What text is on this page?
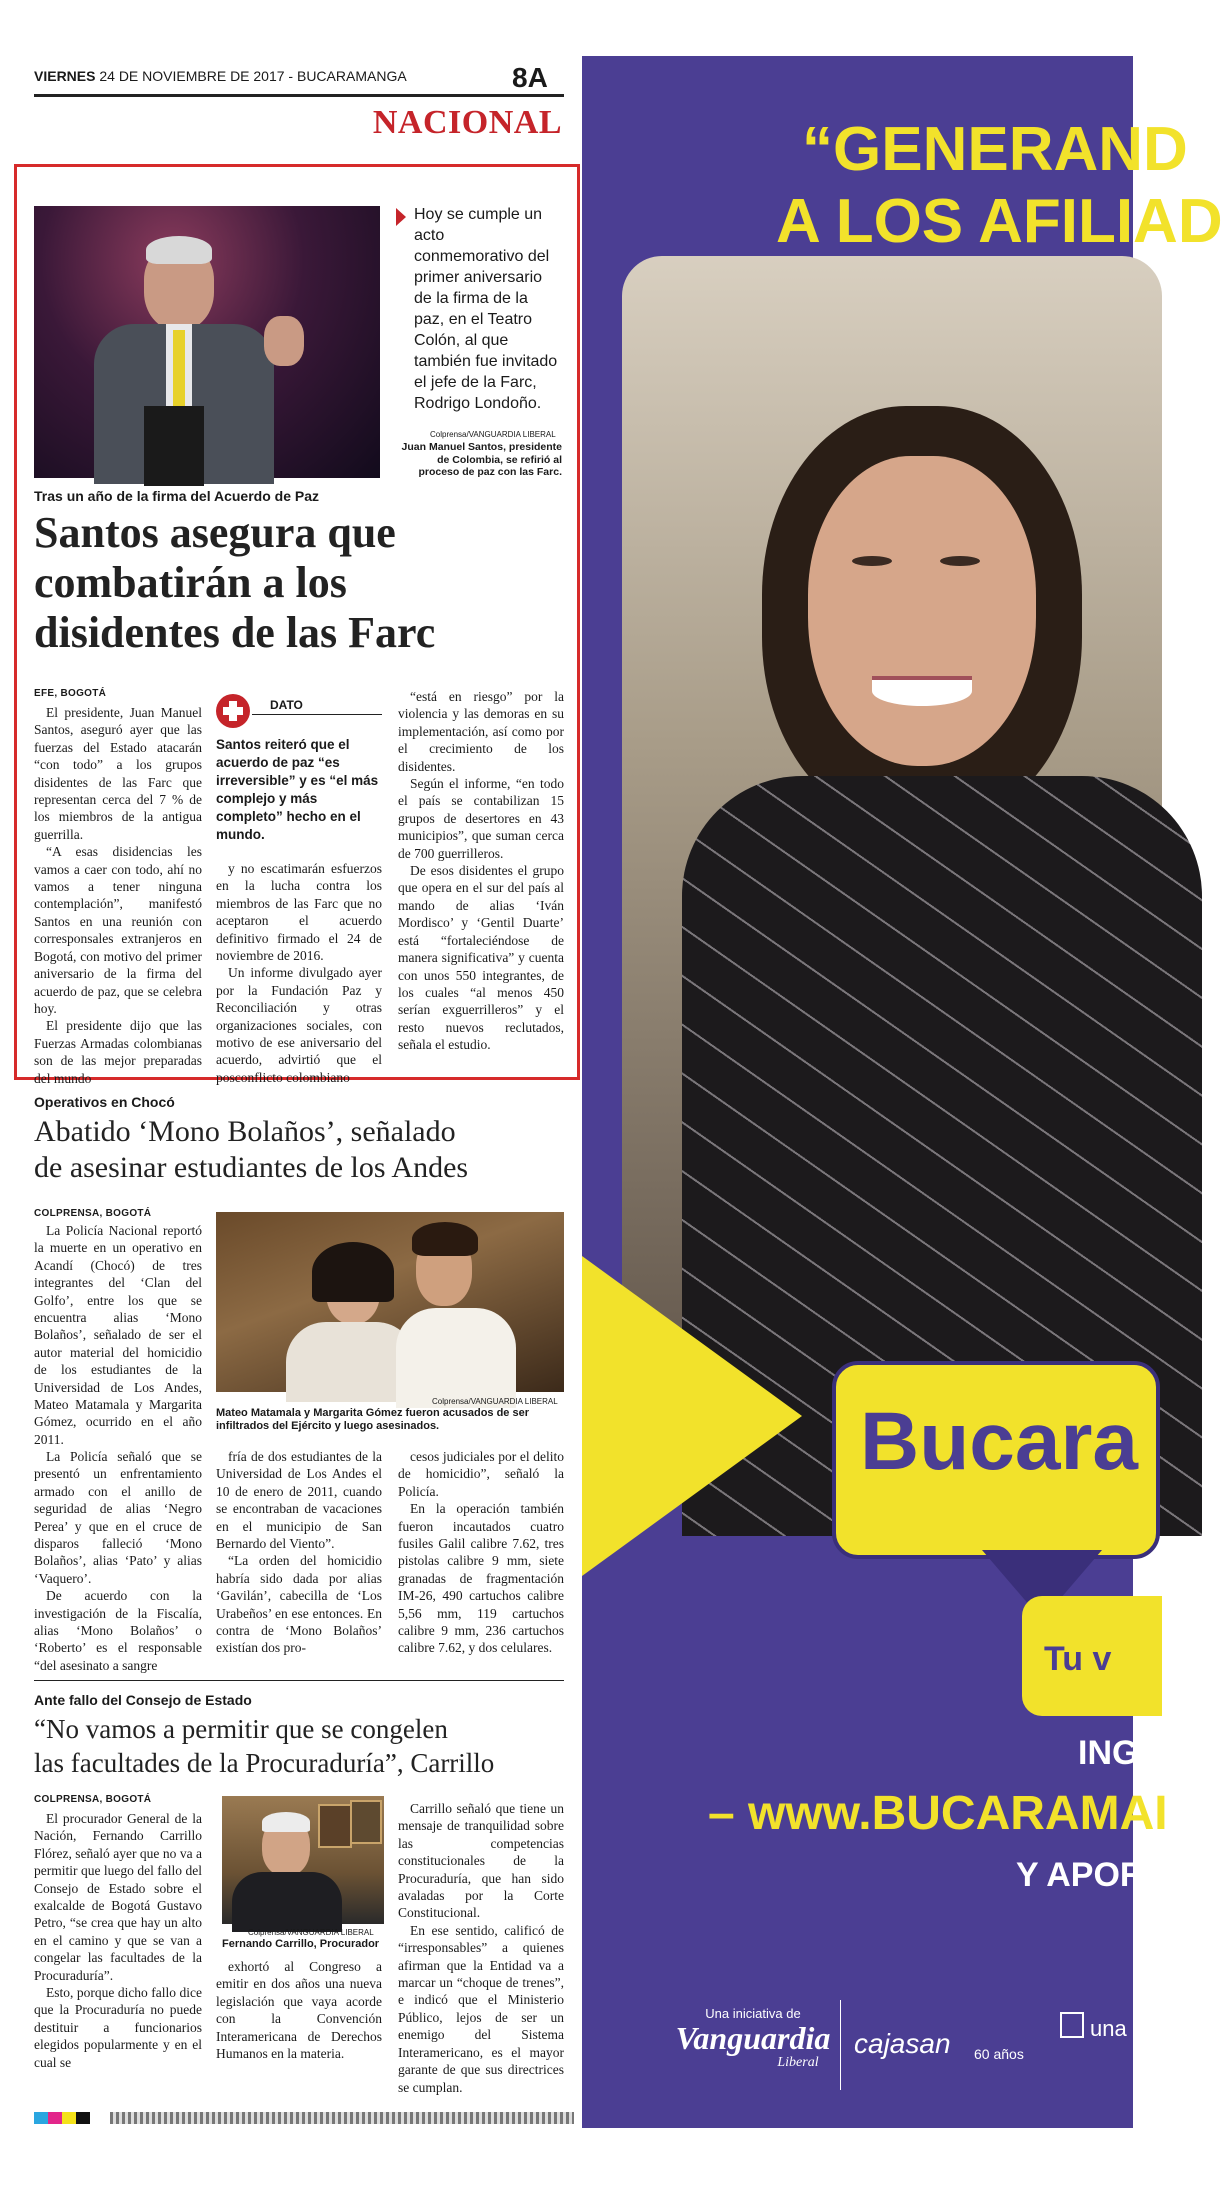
VIERNES 24 DE NOVIEMBRE DE 2017 - BUCARAMANGA	8A
NACIONAL
Hoy se cumple un acto conmemorativo del primer aniversario de la firma de la paz, en el Teatro Colón, al que también fue invitado el jefe de la Farc, Rodrigo Londoño.
Colprensa/VANGUARDIA LIBERAL
Juan Manuel Santos, presidente de Colombia, se refirió al proceso de paz con las Farc.
Tras un año de la firma del Acuerdo de Paz
Santos asegura que
combatirán a los
disidentes de las Farc
EFE, BOGOTÁ

El presidente, Juan Manuel Santos, aseguró ayer que las fuerzas del Estado atacarán “con todo” a los grupos disidentes de las Farc que representan cerca del 7 % de los miembros de la antigua guerrilla.

“A esas disidencias les vamos a caer con todo, ahí no vamos a tener ninguna contemplación”, manifestó Santos en una reunión con corresponsales extranjeros en Bogotá, con motivo del primer aniversario de la firma del acuerdo de paz, que se celebra hoy.

El presidente dijo que las Fuerzas Armadas colombianas son de las mejor preparadas del mundo

DATO
Santos reiteró que el acuerdo de paz “es irreversible” y es “el más complejo y más completo” hecho en el mundo.

y no escatimarán esfuerzos en la lucha contra los miembros de las Farc que no aceptaron el acuerdo definitivo firmado el 24 de noviembre de 2016.

Un informe divulgado ayer por la Fundación Paz y Reconciliación y otras organizaciones sociales, con motivo de ese aniversario del acuerdo, advirtió que el posconflicto colombiano

“está en riesgo” por la violencia y las demoras en su implementación, así como por el crecimiento de los disidentes.

Según el informe, “en todo el país se contabilizan 15 grupos de desertores en 43 municipios”, que suman cerca de 700 guerrilleros.

De esos disidentes el grupo que opera en el sur del país al mando de alias ‘Iván Mordisco’ y ‘Gentil Duarte’ está “fortaleciéndose de manera significativa” y cuenta con unos 550 integrantes, de los cuales “al menos 450 serían exguerrilleros” y el resto nuevos reclutados, señala el estudio.

Operativos en Chocó
Abatido ‘Mono Bolaños’, señalado
de asesinar estudiantes de los Andes
COLPRENSA, BOGOTÁ

La Policía Nacional reportó la muerte en un operativo en Acandí (Chocó) de tres integrantes del ‘Clan del Golfo’, entre los que se encuentra alias ‘Mono Bolaños’, señalado de ser el autor material del homicidio de los estudiantes de la Universidad de Los Andes, Mateo Matamala y Margarita Gómez, ocurrido en el año 2011.

Colprensa/VANGUARDIA LIBERAL
Mateo Matamala y Margarita Gómez fueron acusados de ser infiltrados del Ejército y luego asesinados.

La Policía señaló que se presentó un enfrentamiento armado con el anillo de seguridad de alias ‘Negro Perea’ y que en el cruce de disparos falleció ‘Mono Bolaños’, alias ‘Pato’ y alias ‘Vaquero’.

De acuerdo con la investigación de la Fiscalía, alias ‘Mono Bolaños’ o ‘Roberto’ es el responsable “del asesinato a sangre

fría de dos estudiantes de la Universidad de Los Andes el 10 de enero de 2011, cuando se encontraban de vacaciones en el municipio de San Bernardo del Viento”.

“La orden del homicidio habría sido dada por alias ‘Gavilán’, cabecilla de ‘Los Urabeños’ en ese entonces. En contra de ‘Mono Bolaños’ existían dos pro-

cesos judiciales por el delito de homicidio”, señaló la Policía.

En la operación también fueron incautados cuatro fusiles Galil calibre 7.62, tres pistolas calibre 9 mm, siete granadas de fragmentación IM-26, 490 cartuchos calibre 5,56 mm, 119 cartuchos calibre 9 mm, 236 cartuchos calibre 7.62, y dos celulares.

Ante fallo del Consejo de Estado
“No vamos a permitir que se congelen
las facultades de la Procuraduría”, Carrillo
COLPRENSA, BOGOTÁ

El procurador General de la Nación, Fernando Carrillo Flórez, señaló ayer que no va a permitir que luego del fallo del Consejo de Estado sobre el exalcalde de Bogotá Gustavo Petro, “se crea que hay un alto en el camino y que se van a congelar las facultades de la Procuraduría”.

Esto, porque dicho fallo dice que la Procuraduría no puede destituir a funcionarios elegidos popularmente y en el cual se

Colprensa/VANGUARDIA LIBERAL
Fernando Carrillo, Procurador

exhortó al Congreso a emitir en dos años una nueva legislación que vaya acorde con la Convención Interamericana de Derechos Humanos en la materia.

Carrillo señaló que tiene un mensaje de tranquilidad sobre las competencias constitucionales de la Procuraduría, que han sido avaladas por la Corte Constitucional.

En ese sentido, calificó de “irresponsables” a quienes afirman que la Entidad va a marcar un “choque de trenes”, e indicó que el Ministerio Público, lejos de ser un enemigo del Sistema Interamericano, es el mayor garante de que sus directrices se cumplan.

“GENERAND
A LOS AFILIAD
Bucara
Tu v
ING
– www.BUCARAMAI
Y APOR
Una iniciativa de
Vanguardia
Liberal
cajasan 60 años
una
